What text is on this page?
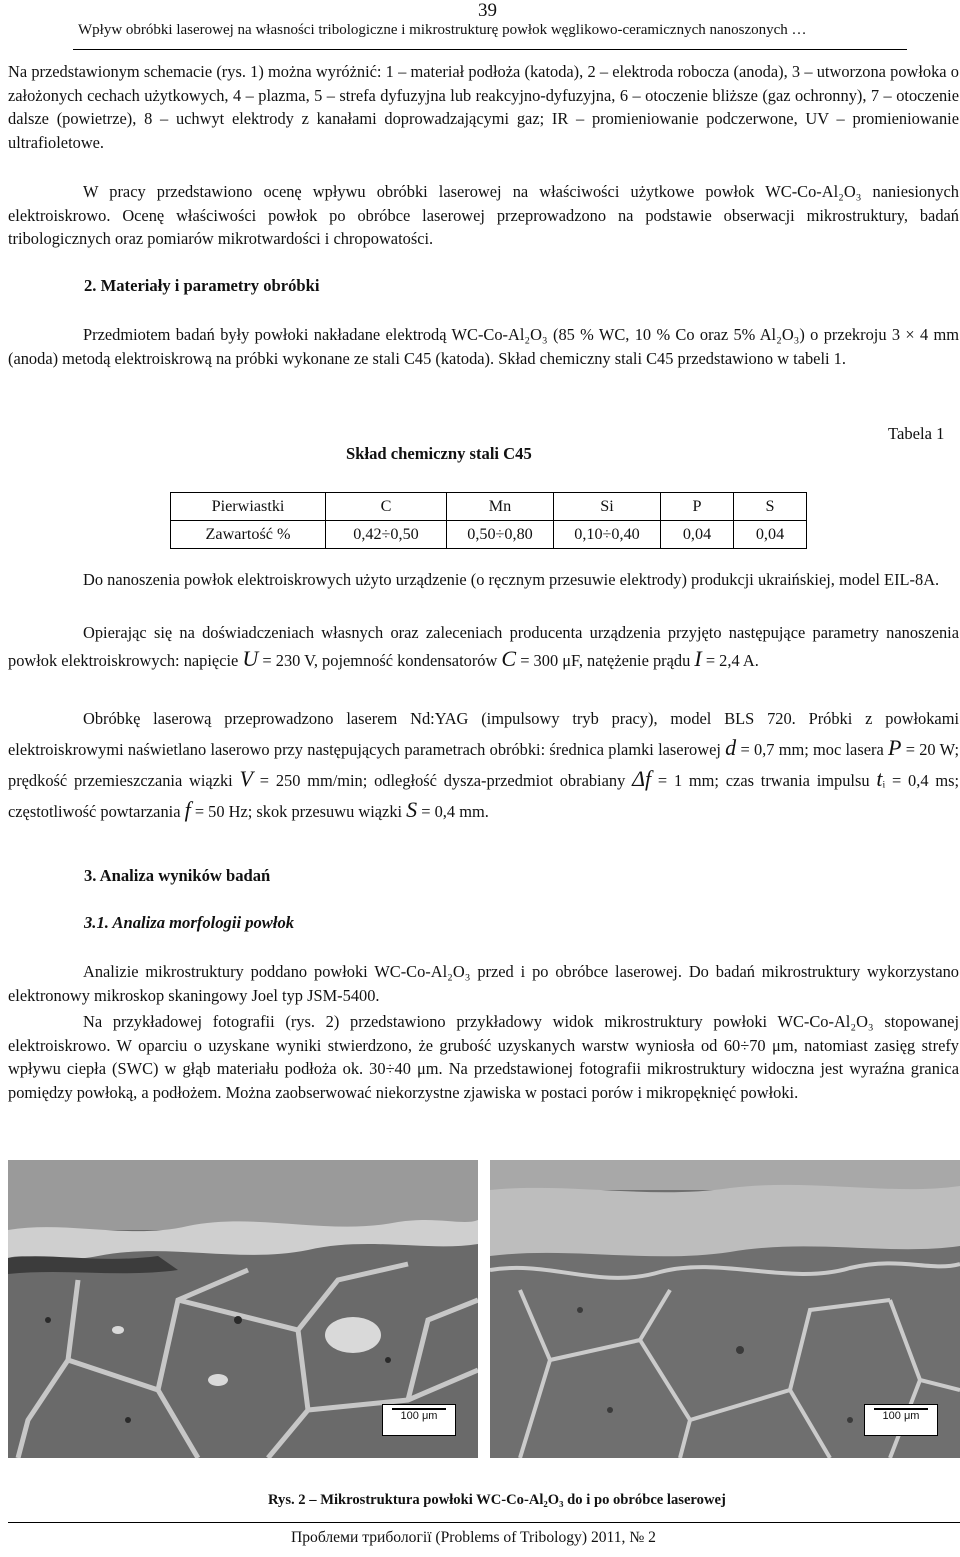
39
Wpływ obróbki laserowej na własności tribologiczne i mikrostrukturę powłok węglikowo-ceramicznych nanoszonych …

Na przedstawionym schemacie (rys. 1) można wyróżnić: 1 – materiał podłoża (katoda), 2 – elektroda robocza (anoda), 3 – utworzona powłoka o założonych cechach użytkowych, 4 – plazma, 5 – strefa dyfuzyjna lub reakcyjno-dyfuzyjna, 6 – otoczenie bliższe (gaz ochronny), 7 – otoczenie dalsze (powietrze), 8 – uchwyt elektrody z kanałami doprowadzającymi gaz; IR – promieniowanie podczerwone, UV – promieniowanie ultrafioletowe.

W pracy przedstawiono ocenę wpływu obróbki laserowej na właściwości użytkowe powłok WC-Co-Al₂O₃ naniesionych elektroiskrowo. Ocenę właściwości powłok po obróbce laserowej przeprowadzono na podstawie obserwacji mikrostruktury, badań tribologicznych oraz pomiarów mikrotwardości i chropowatości.

2. Materiały i parametry obróbki

Przedmiotem badań były powłoki nakładane elektrodą WC-Co-Al₂O₃ (85 % WC, 10 % Co oraz 5% Al₂O₃) o przekroju 3 × 4 mm (anoda) metodą elektroiskrową na próbki wykonane ze stali C45 (katoda). Skład chemiczny stali C45 przedstawiono w tabeli 1.

Tabela 1
Skład chemiczny stali C45
Pierwiastki	C	Mn	Si	P	S
Zawartość %	0,42÷0,50	0,50÷0,80	0,10÷0,40	0,04	0,04

Do nanoszenia powłok elektroiskrowych użyto urządzenie (o ręcznym przesuwie elektrody) produkcji ukraińskiej, model EIL-8A.

Opierając się na doświadczeniach własnych oraz zaleceniach producenta urządzenia przyjęto następujące parametry nanoszenia powłok elektroiskrowych: napięcie U = 230 V, pojemność kondensatorów C = 300 μF, natężenie prądu I = 2,4 A.

Obróbkę laserową przeprowadzono laserem Nd:YAG (impulsowy tryb pracy), model BLS 720. Próbki z powłokami elektroiskrowymi naświetlano laserowo przy następujących parametrach obróbki: średnica plamki laserowej d = 0,7 mm; moc lasera P = 20 W; prędkość przemieszczania wiązki V = 250 mm/min; odległość dysza-przedmiot obrabiany Δf = 1 mm; czas trwania impulsu $t_i = 0,4$ ms; częstotliwość powtarzania f = 50 Hz; skok przesuwu wiązki S = 0,4 mm.

3. Analiza wyników badań
3.1. Analiza morfologii powłok

Analizie mikrostruktury poddano powłoki WC-Co-Al₂O₃ przed i po obróbce laserowej. Do badań mikrostruktury wykorzystano elektronowy mikroskop skaningowy Joel typ JSM-5400.

Na przykładowej fotografii (rys. 2) przedstawiono przykładowy widok mikrostruktury powłoki WC-Co-Al₂O₃ stopowanej elektroiskrowo. W oparciu o uzyskane wyniki stwierdzono, że grubość uzyskanych warstw wyniosła od 60÷70 μm, natomiast zasięg strefy wpływu ciepła (SWC) w głąb materiału podłoża ok. 30÷40 μm. Na przedstawionej fotografii mikrostruktury widoczna jest wyraźna granica pomiędzy powłoką, a podłożem. Można zaobserwować niekorzystne zjawiska w postaci porów i mikropęknięć powłoki.

100 μm	100 μm
Rys. 2 – Mikrostruktura powłoki WC-Co-Al₂O₃ do i po obróbce laserowej
Проблеми трибології (Problems of Tribology) 2011, № 2
